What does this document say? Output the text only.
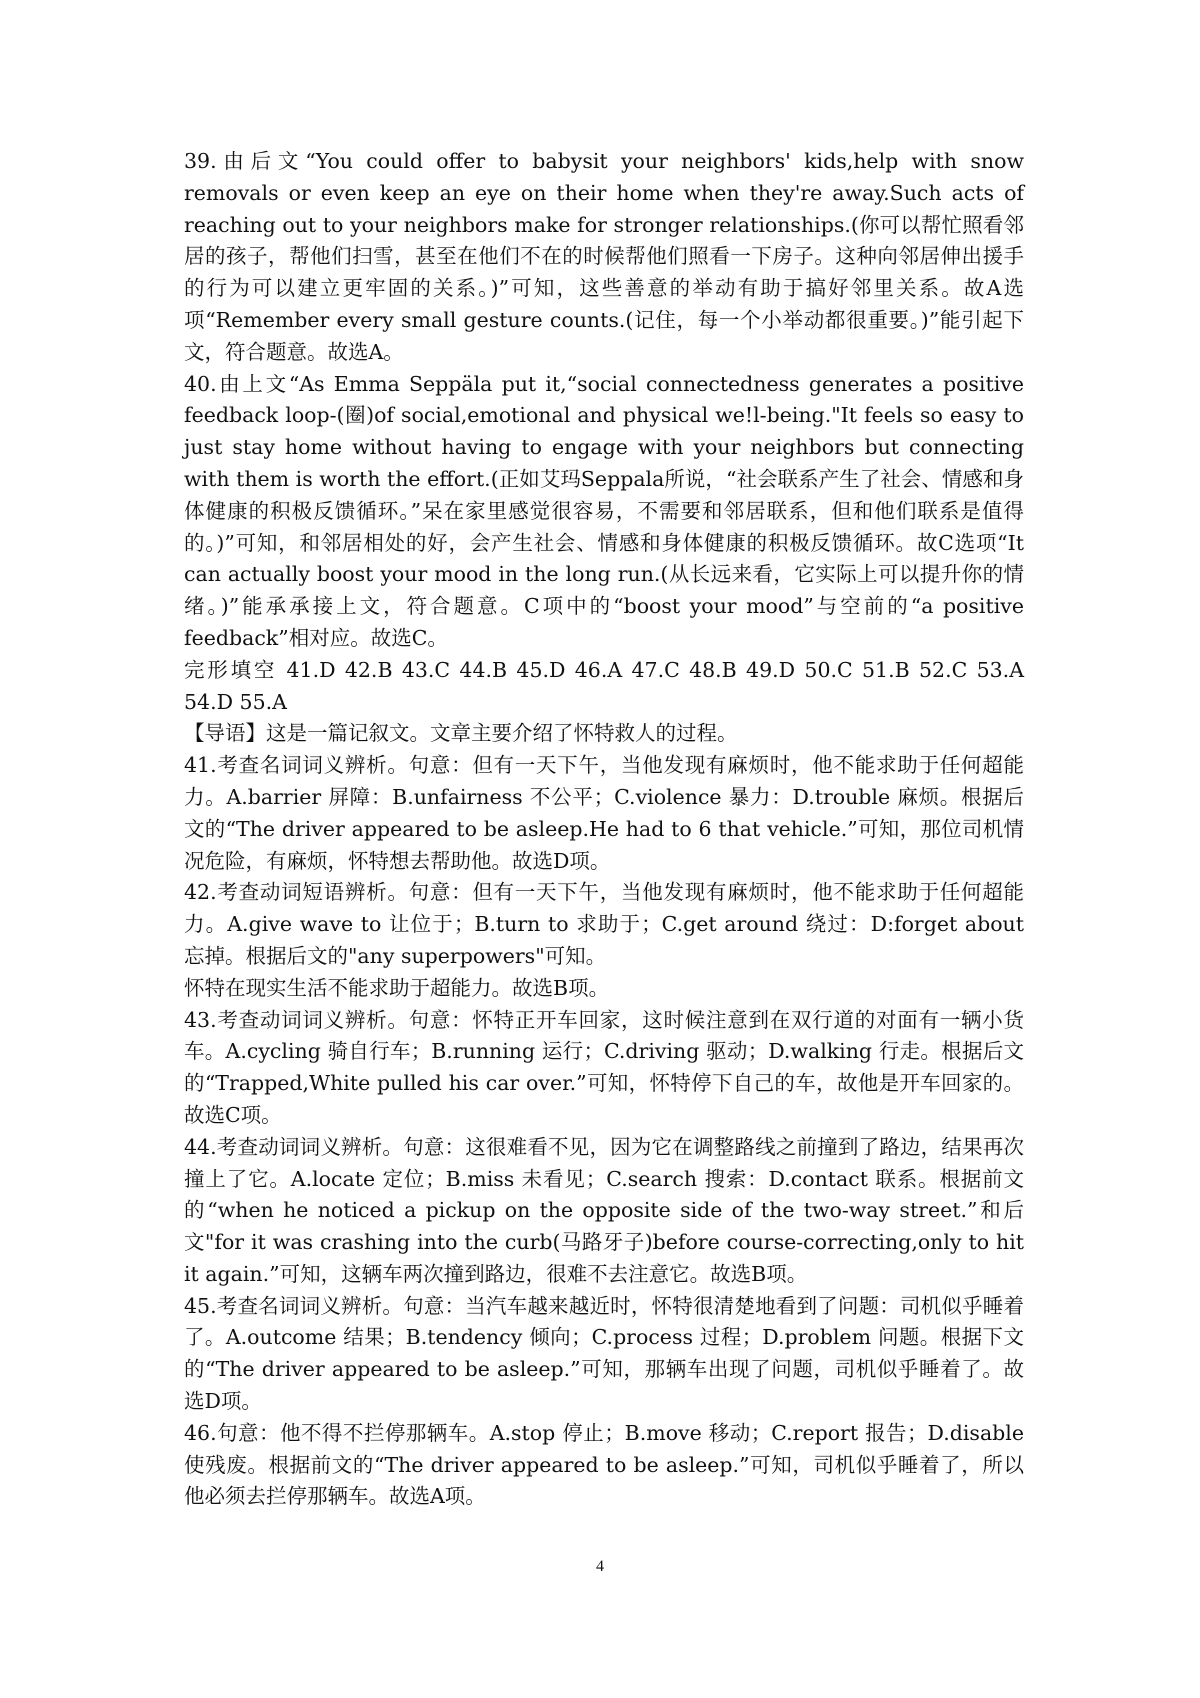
39.由后文“You could offer to babysit your neighbors' kids,help with snow removals or even keep an eye on their home when they're away.Such acts of reaching out to your neighbors make for stronger relationships.(你可以帮忙照看邻居的孩子，帮他们扫雪，甚至在他们不在的时候帮他们照看一下房子。这种向邻居伸出援手的行为可以建立更牢固的关系。)”可知，这些善意的举动有助于搞好邻里关系。故A选项“Remember every small gesture counts.(记住，每一个小举动都很重要。)”能引起下文，符合题意。故选A。

40.由上文“As Emma Seppäla put it,“social connectedness generates a positive feedback loop-(圈)of social,emotional and physical we!l-being."It feels so easy to just stay home without having to engage with your neighbors but connecting with them is worth the effort.(正如艾玛Seppala所说，“社会联系产生了社会、情感和身体健康的积极反馈循环。”呆在家里感觉很容易，不需要和邻居联系，但和他们联系是值得的。)”可知，和邻居相处的好，会产生社会、情感和身体健康的积极反馈循环。故C选项“It can actually boost your mood in the long run.(从长远来看，它实际上可以提升你的情绪。)”能承承接上文，符合题意。C项中的“boost your mood”与空前的“a positive feedback”相对应。故选C。

完形填空 41.D 42.B 43.C 44.B 45.D 46.A 47.C 48.B 49.D 50.C 51.B 52.C 53.A 54.D 55.A

【导语】这是一篇记叙文。文章主要介绍了怀特救人的过程。

41.考查名词词义辨析。句意：但有一天下午，当他发现有麻烦时，他不能求助于任何超能力。A.barrier 屏障：B.unfairness 不公平；C.violence 暴力：D.trouble 麻烦。根据后文的“The driver appeared to be asleep.He had to 6 that vehicle.”可知，那位司机情况危险，有麻烦，怀特想去帮助他。故选D项。

42.考查动词短语辨析。句意：但有一天下午，当他发现有麻烦时，他不能求助于任何超能力。A.give wave to 让位于；B.turn to 求助于；C.get around 绕过：D:forget about 忘掉。根据后文的"any superpowers"可知。

怀特在现实生活不能求助于超能力。故选B项。

43.考查动词词义辨析。句意：怀特正开车回家，这时候注意到在双行道的对面有一辆小货车。A.cycling 骑自行车；B.running 运行；C.driving 驱动；D.walking 行走。根据后文的“Trapped,White pulled his car over.”可知，怀特停下自己的车，故他是开车回家的。故选C项。

44.考查动词词义辨析。句意：这很难看不见，因为它在调整路线之前撞到了路边，结果再次撞上了它。A.locate 定位；B.miss 未看见；C.search 搜索：D.contact 联系。根据前文的“when he noticed a pickup on the opposite side of the two-way street.”和后文"for it was crashing into the curb(马路牙子)before course-correcting,only to hit it again.”可知，这辆车两次撞到路边，很难不去注意它。故选B项。

45.考查名词词义辨析。句意：当汽车越来越近时，怀特很清楚地看到了问题：司机似乎睡着了。A.outcome 结果；B.tendency 倾向；C.process 过程；D.problem 问题。根据下文的“The driver appeared to be asleep.”可知，那辆车出现了问题，司机似乎睡着了。故选D项。

46.句意：他不得不拦停那辆车。A.stop 停止；B.move 移动；C.report 报告；D.disable 使残废。根据前文的“The driver appeared to be asleep.”可知，司机似乎睡着了，所以他必须去拦停那辆车。故选A项。

4
